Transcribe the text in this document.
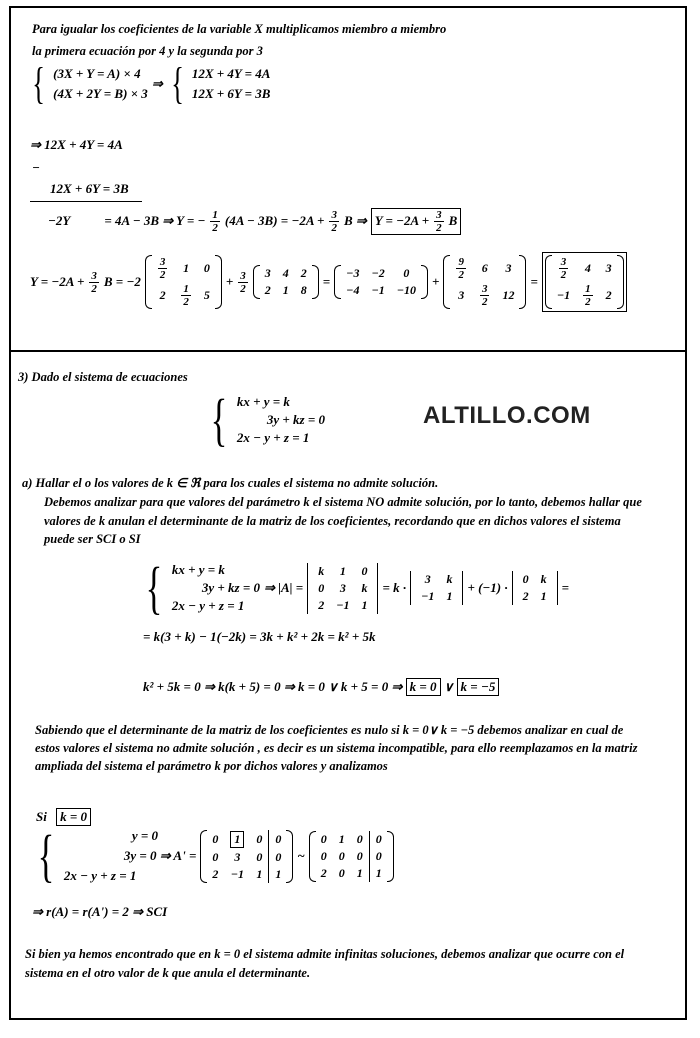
Para igualar los coeficientes de la variable X multiplicamos miembro a miembro
la primera ecuación por 4 y la segunda por 3
{ (3X + Y = A) × 4
(4X + 2Y = B) × 3
⇒ { 12X + 4Y = 4A
12X + 6Y = 3B
⇒ 12X + 4Y = 4A
−
12X + 6Y = 3B
−2Y	= 4A − 3B ⇒ Y = − $\frac{1}{2} (4A - 3B) = -2A + \frac{3}{2}$ B ⇒ $Y = -2A + \frac{3}{2}$ B
$Y = -2A + \frac{3}{2}$ B = −2
$\frac{3}{2}$	1	0
2	$\frac{1}{2}$	5
+ $\frac{3}{2}$
3	4	2
2	1	8
=
−3	−2	0
−4	−1	−10
+
$\frac{9}{2}$	6	3
3	$\frac{3}{2}$	12
=
$\frac{3}{2}$	4	3
−1	$\frac{1}{2}$	2
3) Dado el sistema de ecuaciones
{ kx + y = k
3y + kz = 0
2x − y + z = 1
ALTILLO.COM
a) Hallar el o los valores de k ∈ ℜ para los cuales el sistema no admite solución.
Debemos analizar para que valores del parámetro k el sistema NO admite solución, por lo tanto, debemos hallar que
valores de k anulan el determinante de la matriz de los coeficientes, recordando que en dichos valores el sistema
puede ser SCI o SI
{ kx + y = k
3y + kz = 0
2x − y + z = 1
⇒ |A| =
k	1	0
0	3	k
2	−1	1
= k ·
3	k
−1	1
+ (−1) ·
0	k
2	1
=
= k(3 + k) − 1(−2k) = 3k + k² + 2k = k² + 5k
k² + 5k = 0 ⇒ k(k + 5) = 0 ⇒ k = 0 ∨ k + 5 = 0 ⇒ k = 0 ∨ k = −5
Sabiendo que el determinante de la matriz de los coeficientes es nulo si k = 0∨ k = −5 debemos analizar en cual de
estos valores el sistema no admite solución , es decir es un sistema incompatible, para ello reemplazamos en la matriz
ampliada del sistema el parámetro k por dichos valores y analizamos
Si k = 0
{	y = 0
3y = 0 ⇒ A' =
2x − y + z = 1

0	1	0	0
0	3	0	0
2	−1	1	1
~
0	1	0	0
0	0	0	0
2	0	1	1
⇒ r(A) = r(A') = 2 ⇒ SCI
Si bien ya hemos encontrado que en k = 0 el sistema admite infinitas soluciones, debemos analizar que ocurre con el
sistema en el otro valor de k que anula el determinante.
